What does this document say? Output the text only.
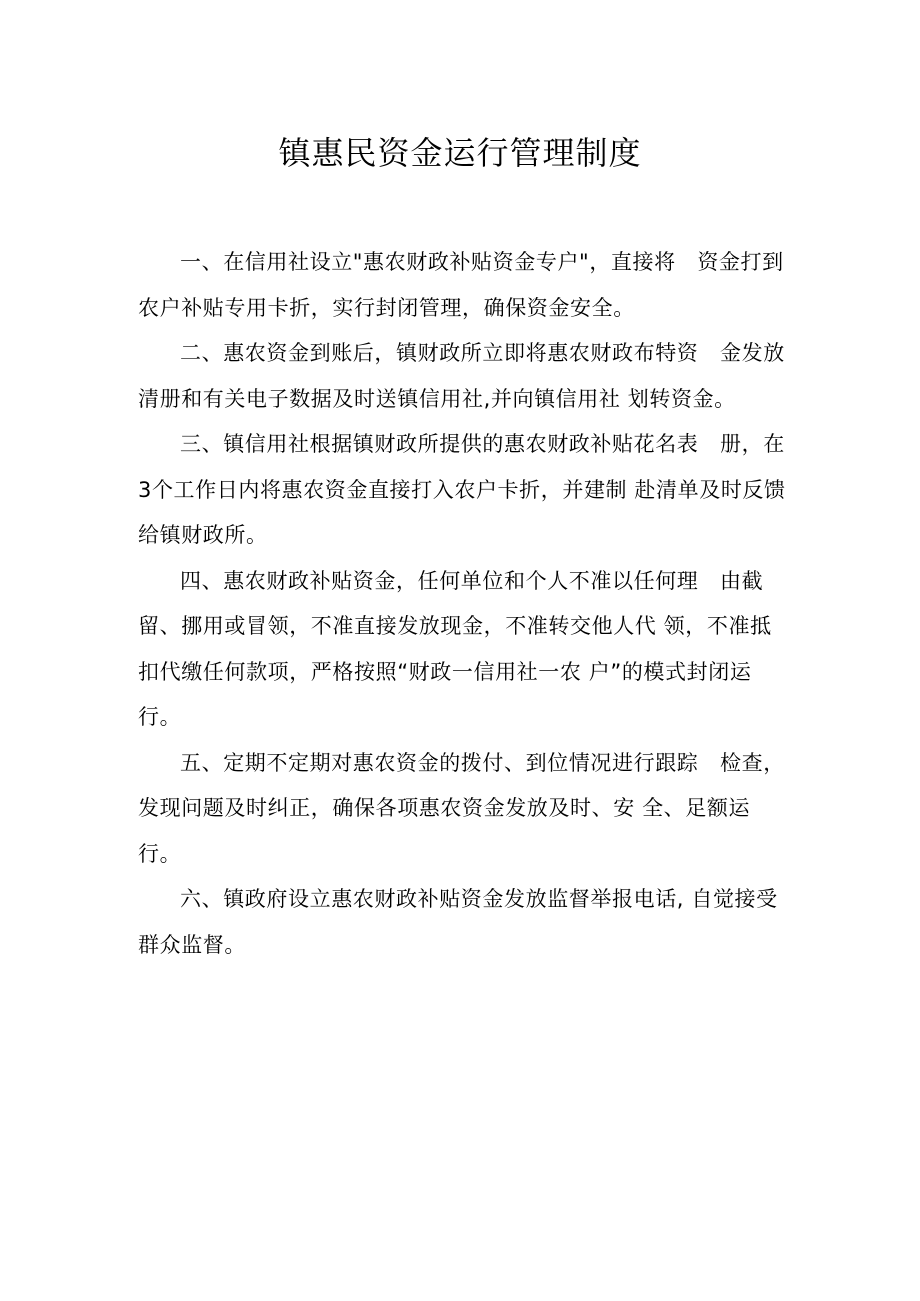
镇惠民资金运行管理制度

一、在信用社设立"惠农财政补贴资金专户"，直接将　资金打到农户补贴专用卡折，实行封闭管理，确保资金安全。

二、惠农资金到账后，镇财政所立即将惠农财政布特资　金发放清册和有关电子数据及时送镇信用社,并向镇信用社 划转资金。

三、镇信用社根据镇财政所提供的惠农财政补贴花名表　册，在3个工作日内将惠农资金直接打入农户卡折，并建制 赴清单及时反馈给镇财政所。

四、惠农财政补贴资金，任何单位和个人不准以任何理　由截留、挪用或冒领，不准直接发放现金，不准转交他人代 领，不准抵扣代缴任何款项，严格按照“财政一信用社一农 户”的模式封闭运行。

五、定期不定期对惠农资金的拨付、到位情况进行跟踪　检查，发现问题及时纠正，确保各项惠农资金发放及时、安 全、足额运行。

六、镇政府设立惠农财政补贴资金发放监督举报电话, 自觉接受群众监督。
